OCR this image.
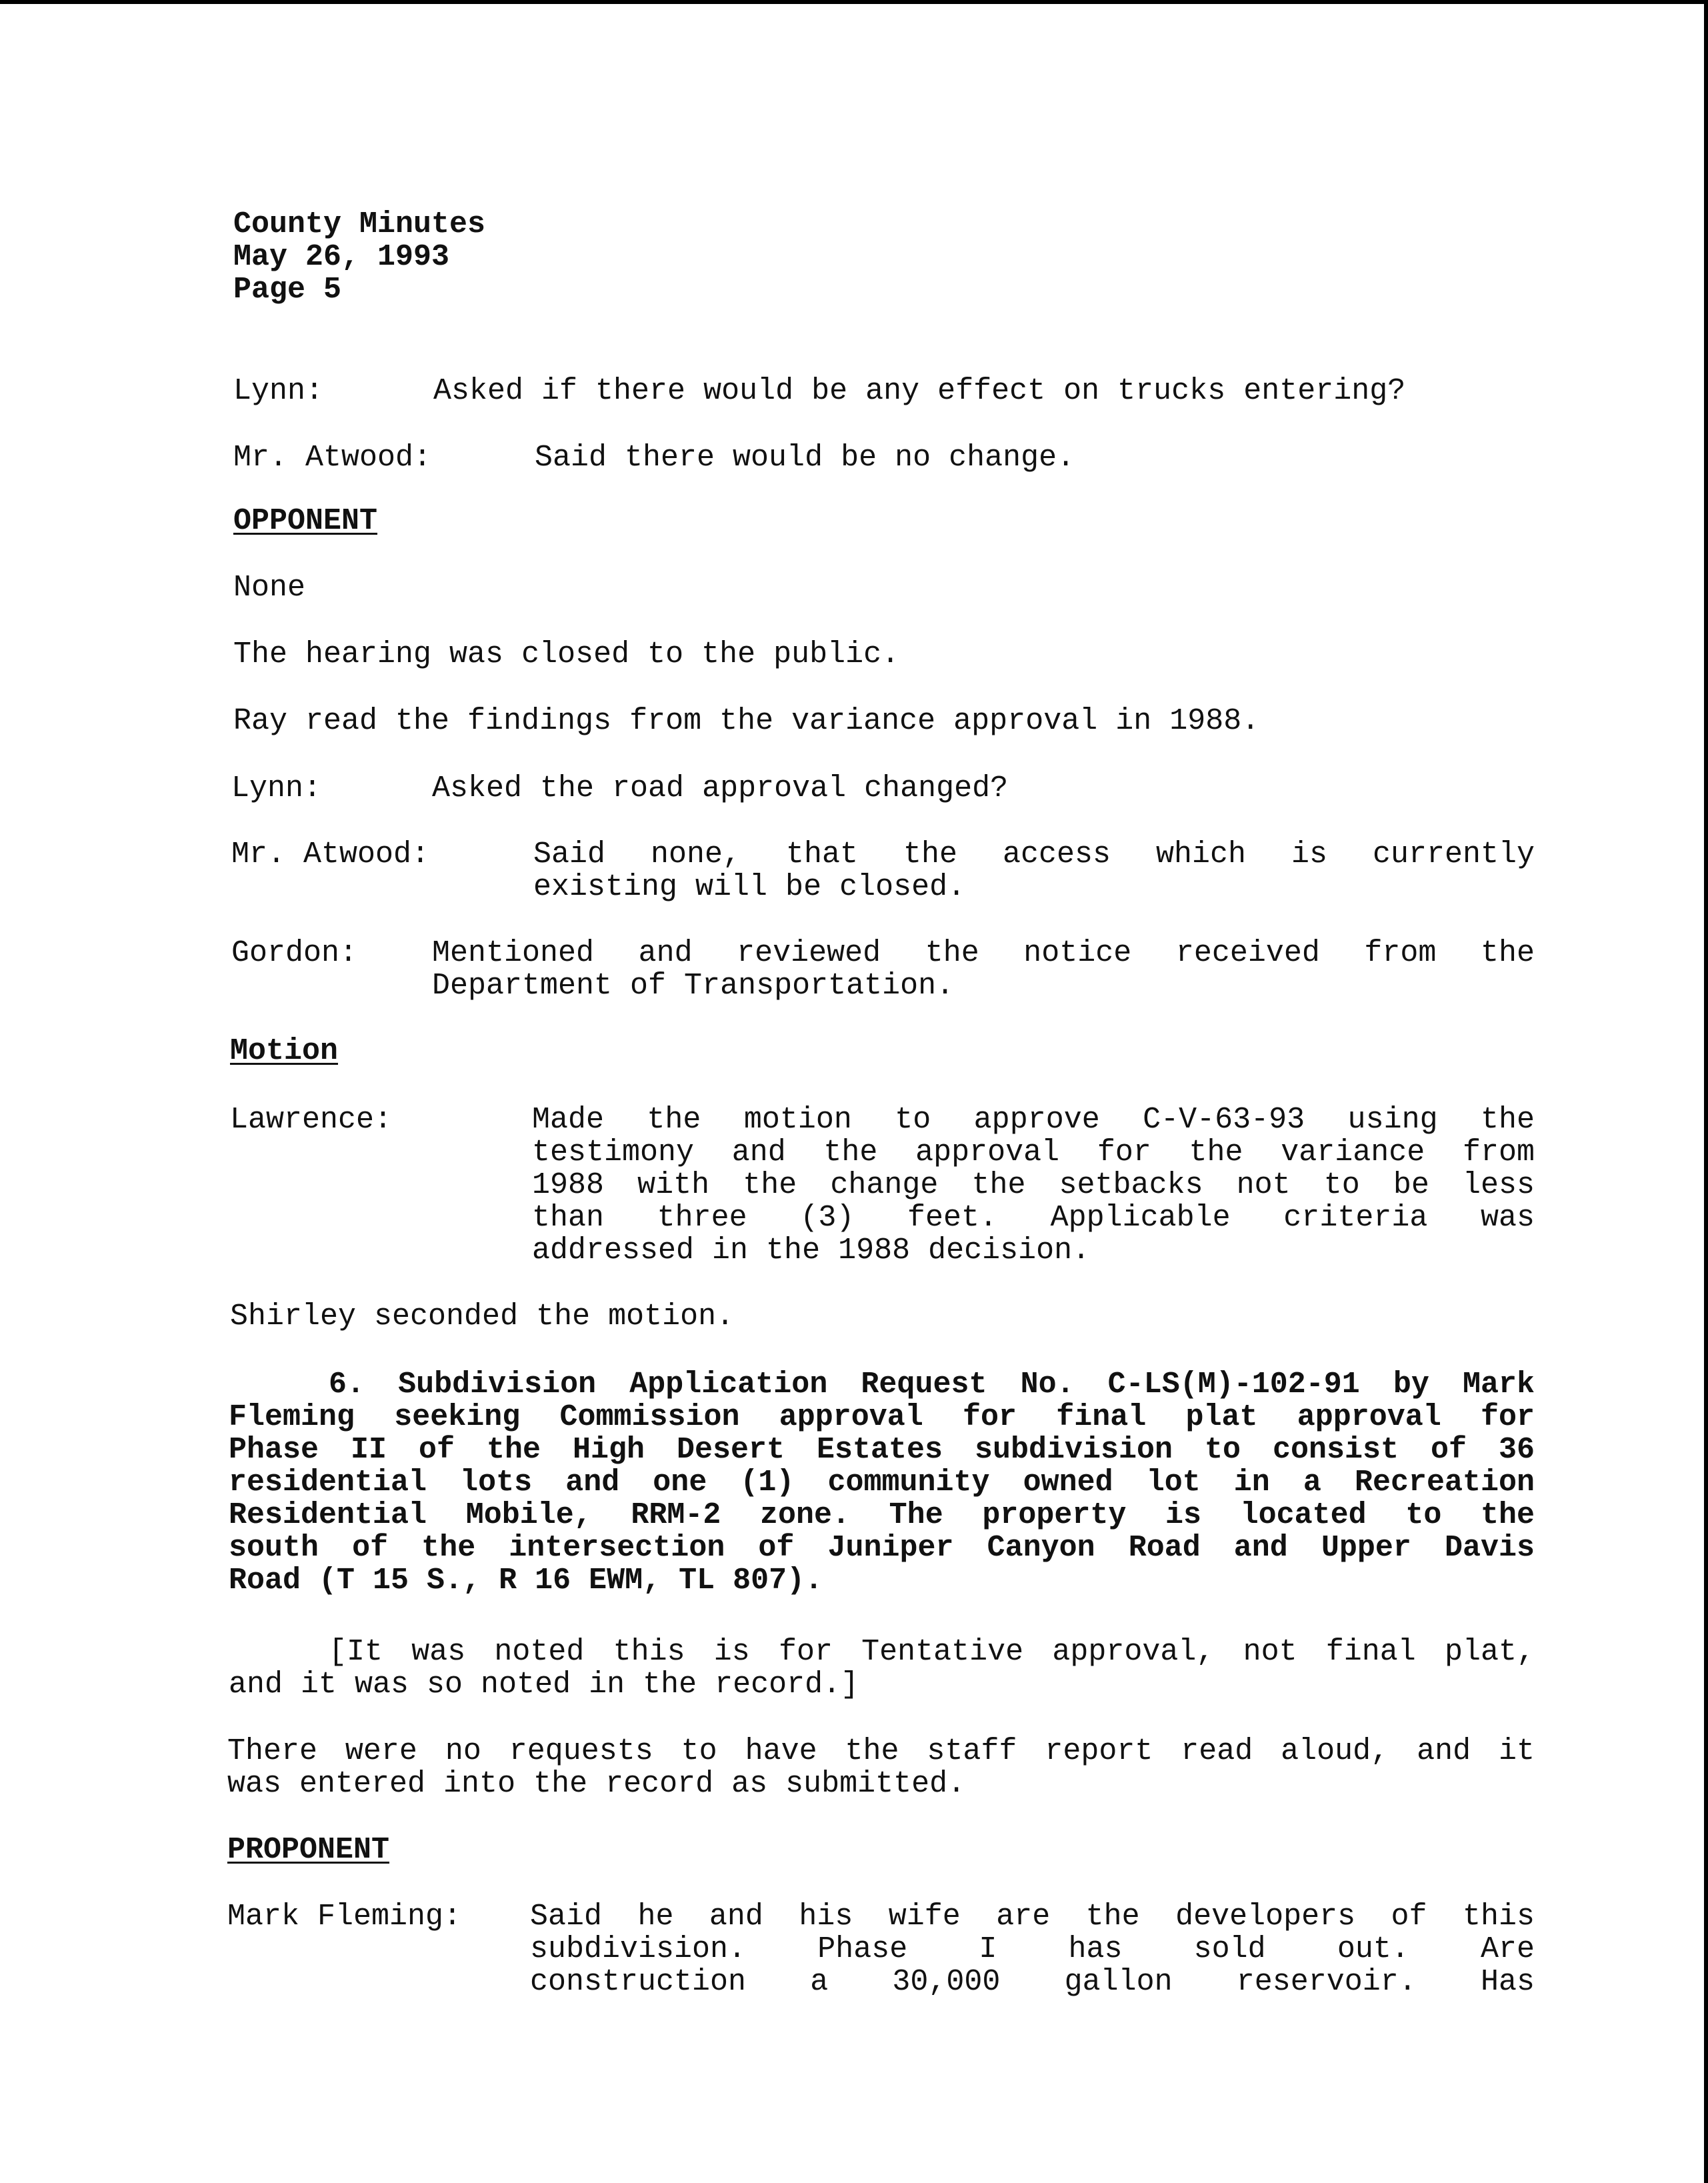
County Minutes
May 26, 1993
Page 5
Lynn:	Asked if there would be any effect on trucks entering?
Mr. Atwood:	Said there would be no change.
OPPONENT
None
The hearing was closed to the public.
Ray read the findings from the variance approval in 1988.
Lynn:	Asked the road approval changed?
Mr. Atwood:	Said none, that the access which is currently
existing will be closed.
Gordon: Mentioned and reviewed the notice received from the
Department of Transportation.
Motion
Lawrence:	Made the motion to approve C-V-63-93 using the
testimony and the approval for the variance from
1988 with the change the setbacks not to be less
than three (3) feet. Applicable criteria was
addressed in the 1988 decision.
Shirley seconded the motion.
6. Subdivision Application Request No. C-LS(M)-102-91 by Mark
Fleming seeking Commission approval for final plat approval for
Phase II of the High Desert Estates subdivision to consist of 36
residential lots and one (1) community owned lot in a Recreation
Residential Mobile, RRM-2 zone. The property is located to the
south of the intersection of Juniper Canyon Road and Upper Davis
Road (T 15 S., R 16 EWM, TL 807).
[It was noted this is for Tentative approval, not final plat,
and it was so noted in the record.]
There were no requests to have the staff report read aloud, and it
was entered into the record as submitted.
PROPONENT
Mark Fleming: Said he and his wife are the developers of this
subdivision. Phase I has sold out. Are
construction a 30,000 gallon reservoir. Has
